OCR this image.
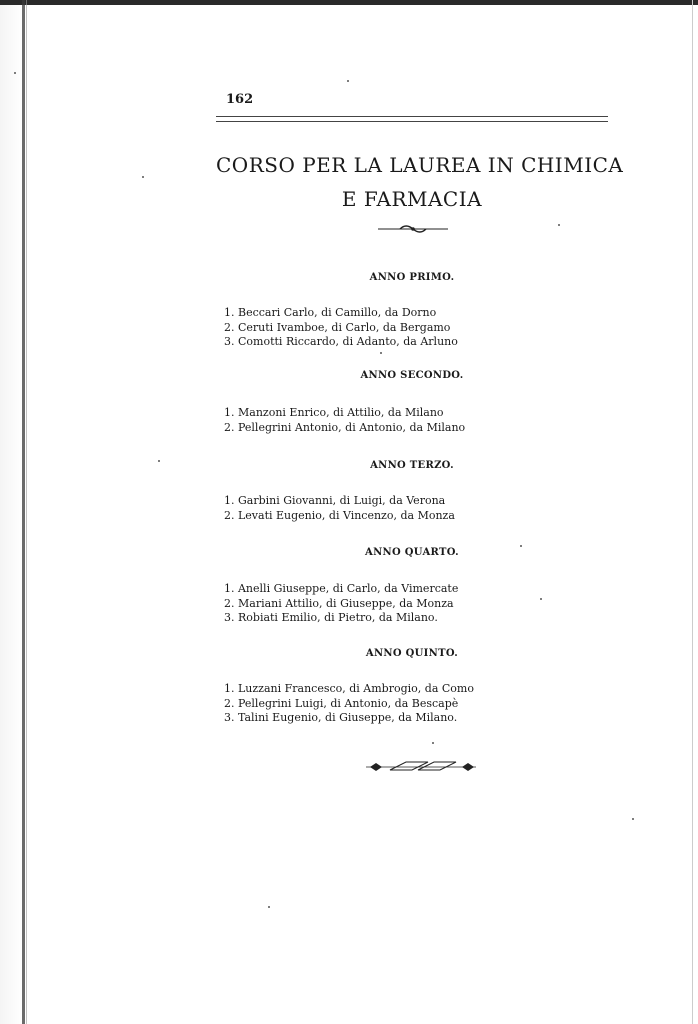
162
CORSO PER LA LAUREA IN CHIMICA
E FARMACIA
ANNO PRIMO.
1. Beccari Carlo, di Camillo, da Dorno
2. Ceruti Ivamboe, di Carlo, da Bergamo
3. Comotti Riccardo, di Adanto, da Arluno
ANNO SECONDO.
1. Manzoni Enrico, di Attilio, da Milano
2. Pellegrini Antonio, di Antonio, da Milano
ANNO TERZO.
1. Garbini Giovanni, di Luigi, da Verona
2. Levati Eugenio, di Vincenzo, da Monza
ANNO QUARTO.
1. Anelli Giuseppe, di Carlo, da Vimercate
2. Mariani Attilio, di Giuseppe, da Monza
3. Robiati Emilio, di Pietro, da Milano.
ANNO QUINTO.
1. Luzzani Francesco, di Ambrogio, da Como
2. Pellegrini Luigi, di Antonio, da Bescapè
3. Talini Eugenio, di Giuseppe, da Milano.
